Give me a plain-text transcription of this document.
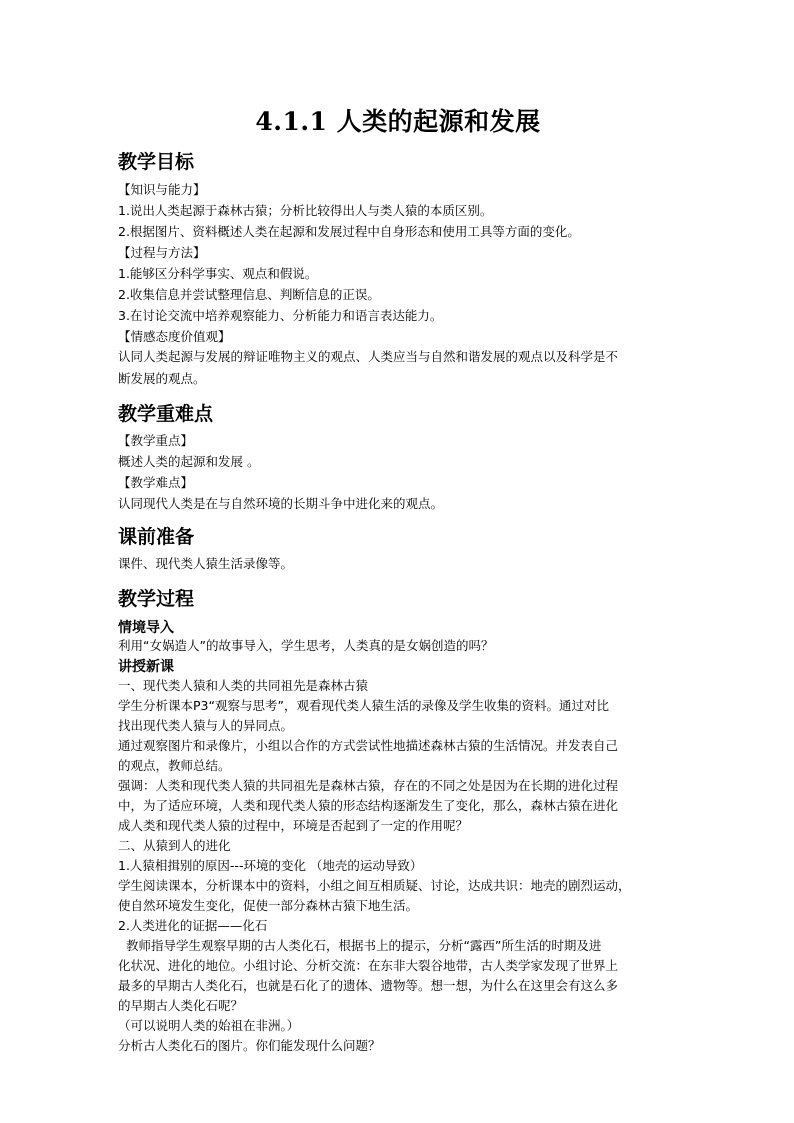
4.1.1 人类的起源和发展
教学目标
【知识与能力】
1.说出人类起源于森林古猿；分析比较得出人与类人猿的本质区别。
2.根据图片、资料概述人类在起源和发展过程中自身形态和使用工具等方面的变化。
【过程与方法】
1.能够区分科学事实、观点和假说。
2.收集信息并尝试整理信息、判断信息的正误。
3.在讨论交流中培养观察能力、分析能力和语言表达能力。
【情感态度价值观】
认同人类起源与发展的辩证唯物主义的观点、人类应当与自然和谐发展的观点以及科学是不
断发展的观点。
教学重难点
【教学重点】
概述人类的起源和发展 。
【教学难点】
认同现代人类是在与自然环境的长期斗争中进化来的观点。
课前准备
课件、现代类人猿生活录像等。
教学过程
情境导入
利用“女娲造人”的故事导入，学生思考，人类真的是女娲创造的吗？
讲授新课
一、现代类人猿和人类的共同祖先是森林古猿
学生分析课本P3“观察与思考”，观看现代类人猿生活的录像及学生收集的资料。通过对比
找出现代类人猿与人的异同点。
通过观察图片和录像片，小组以合作的方式尝试性地描述森林古猿的生活情况。并发表自己
的观点，教师总结。
强调：人类和现代类人猿的共同祖先是森林古猿，存在的不同之处是因为在长期的进化过程
中，为了适应环境，人类和现代类人猿的形态结构逐渐发生了变化，那么，森林古猿在进化
成人类和现代类人猿的过程中，环境是否起到了一定的作用呢？
二、从猿到人的进化
1.人猿相揖别的原因---环境的变化 （地壳的运动导致）
学生阅读课本，分析课本中的资料，小组之间互相质疑、讨论，达成共识：地壳的剧烈运动，
使自然环境发生变化，促使一部分森林古猿下地生活。
2.人类进化的证据——化石
教师指导学生观察早期的古人类化石，根据书上的提示，分析“露西”所生活的时期及进
化状况、进化的地位。小组讨论、分析交流：在东非大裂谷地带，古人类学家发现了世界上
最多的早期古人类化石，也就是石化了的遗体、遗物等。想一想，为什么在这里会有这么多
的早期古人类化石呢？
（可以说明人类的始祖在非洲。）
分析古人类化石的图片。你们能发现什么问题？
